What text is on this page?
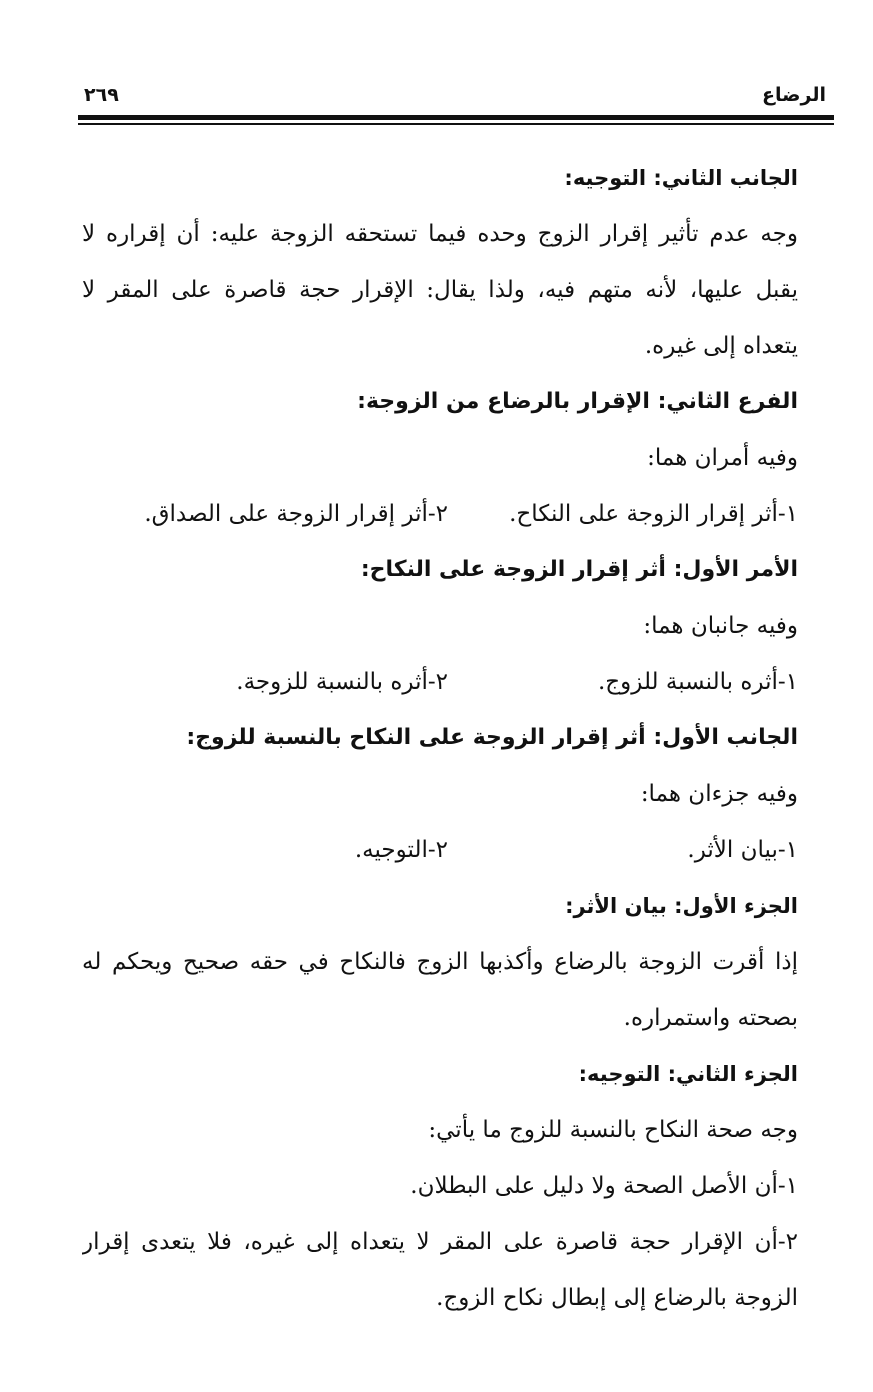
الرضاع
٢٦٩
الجانب الثاني: التوجيه:
وجه عدم تأثير إقرار الزوج وحده فيما تستحقه الزوجة عليه: أن إقراره لا
يقبل عليها، لأنه متهم فيه، ولذا يقال: الإقرار حجة قاصرة على المقر لا
يتعداه إلى غيره.
الفرع الثاني: الإقرار بالرضاع من الزوجة:
وفيه أمران هما:
١-أثر إقرار الزوجة على النكاح.
٢-أثر إقرار الزوجة على الصداق.
الأمر الأول: أثر إقرار الزوجة على النكاح:
وفيه جانبان هما:
١-أثره بالنسبة للزوج.
٢-أثره بالنسبة للزوجة.
الجانب الأول: أثر إقرار الزوجة على النكاح بالنسبة للزوج:
وفيه جزءان هما:
١-بيان الأثر.
٢-التوجيه.
الجزء الأول: بيان الأثر:
إذا أقرت الزوجة بالرضاع وأكذبها الزوج فالنكاح في حقه صحيح ويحكم له
بصحته واستمراره.
الجزء الثاني: التوجيه:
وجه صحة النكاح بالنسبة للزوج ما يأتي:
١-أن الأصل الصحة ولا دليل على البطلان.
٢-أن الإقرار حجة قاصرة على المقر لا يتعداه إلى غيره، فلا يتعدى إقرار
الزوجة بالرضاع إلى إبطال نكاح الزوج.
